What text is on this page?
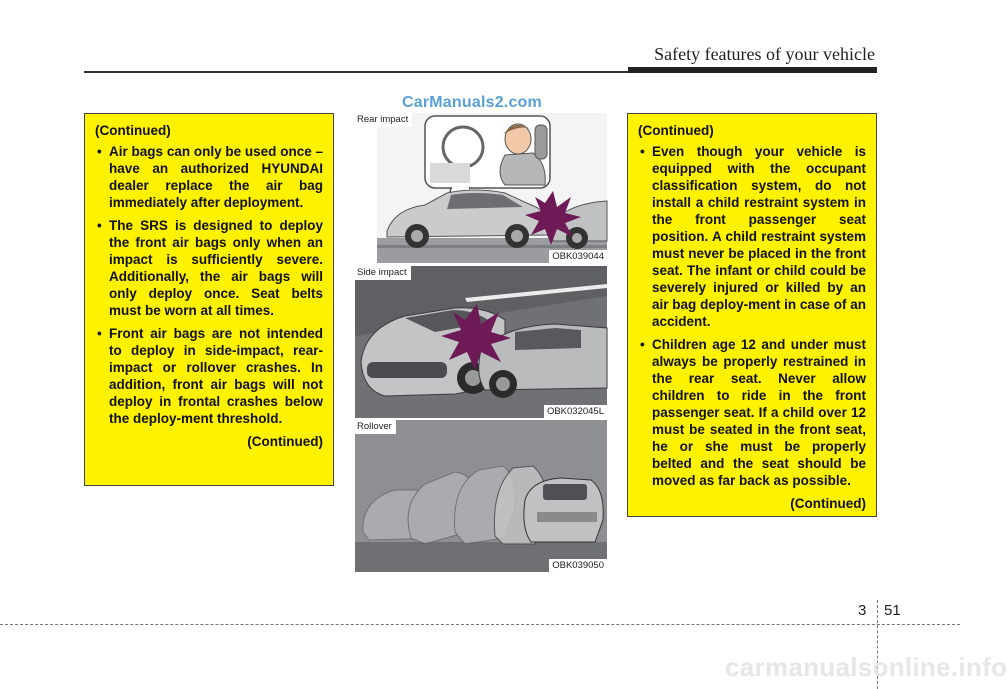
Safety features of your vehicle
CarManuals2.com
(Continued)
• Air bags can only be used once – have an authorized HYUNDAI dealer replace the air bag immediately after deployment.
• The SRS is designed to deploy the front air bags only when an impact is sufficiently severe. Additionally, the air bags will only deploy once. Seat belts must be worn at all times.
• Front air bags are not intended to deploy in side-impact, rear-impact or rollover crashes. In addition, front air bags will not deploy in frontal crashes below the deploy-ment threshold.
(Continued)
Rear impact
OBK039044
Side impact
OBK032045L
Rollover
OBK039050
(Continued)
• Even though your vehicle is equipped with the occupant classification system, do not install a child restraint system in the front passenger seat position. A child restraint system must never be placed in the front seat. The infant or child could be severely injured or killed by an air bag deploy-ment in case of an accident.
• Children age 12 and under must always be properly restrained in the rear seat. Never allow children to ride in the front passenger seat. If a child over 12 must be seated in the front seat, he or she must be properly belted and the seat should be moved as far back as possible.
(Continued)
3 51
carmanualsonline.info
